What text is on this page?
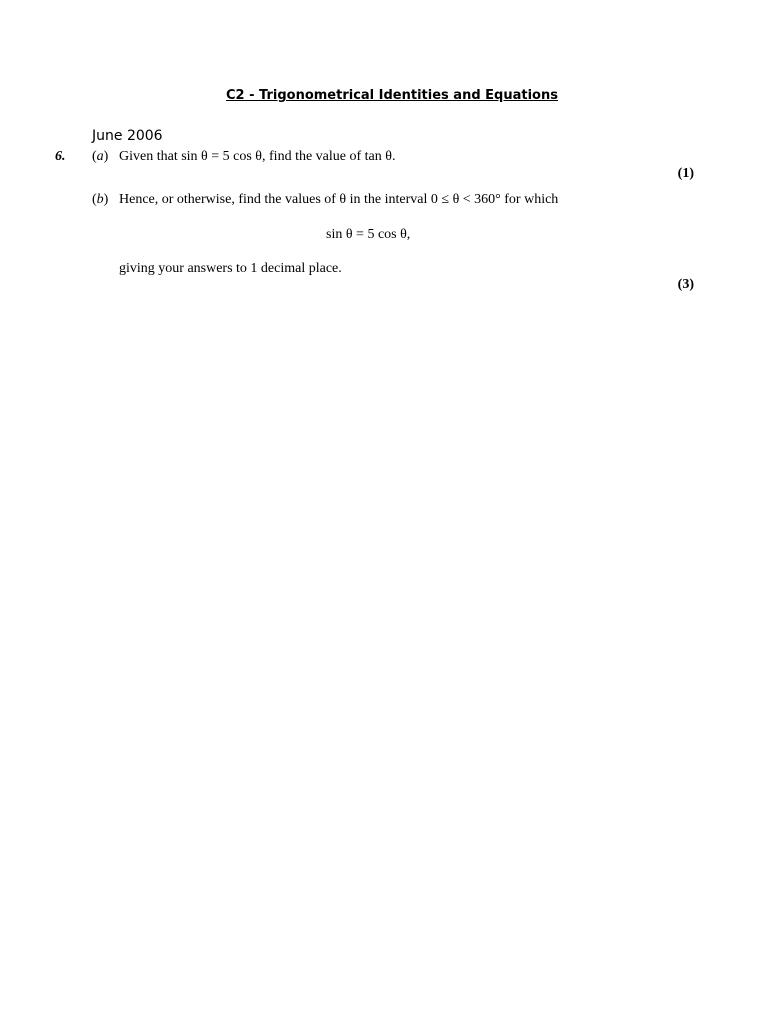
C2 - Trigonometrical Identities and Equations
June 2006
6. (a) Given that sin θ = 5 cos θ, find the value of tan θ.
(1)
(b) Hence, or otherwise, find the values of θ in the interval 0 ≤ θ < 360° for which
sin θ = 5 cos θ,
giving your answers to 1 decimal place.
(3)
